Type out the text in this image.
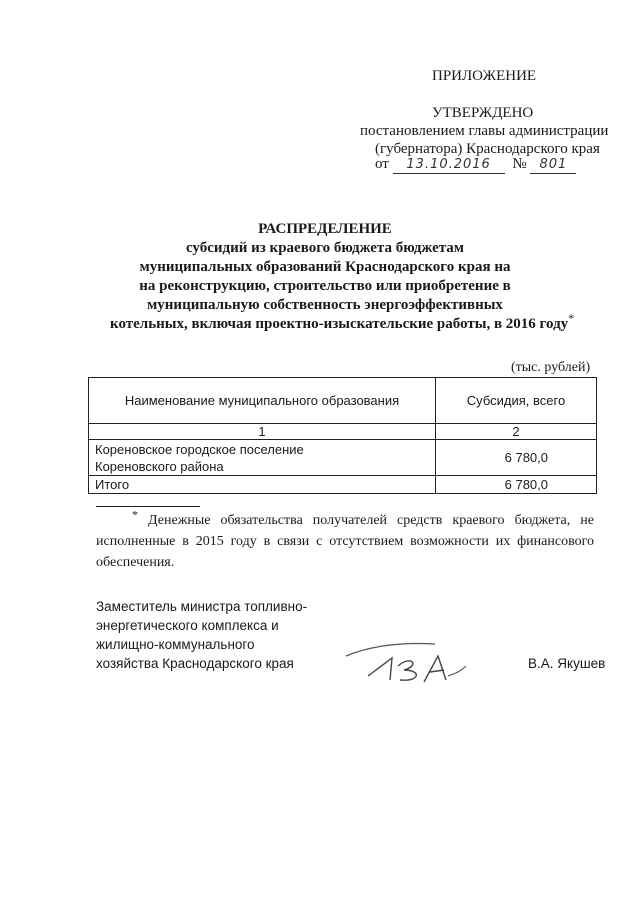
ПРИЛОЖЕНИЕ
УТВЕРЖДЕНО
постановлением главы администрации
(губернатора) Краснодарского края
от 13.10.2016 № 801
РАСПРЕДЕЛЕНИЕ
субсидий из краевого бюджета бюджетам
муниципальных образований Краснодарского края на
на реконструкцию, строительство или приобретение в
муниципальную собственность энергоэффективных
котельных, включая проектно-изыскательские работы, в 2016 году*
(тыс. рублей)
Наименование муниципального образования	Субсидия, всего
1	2

Кореновское городское поселение
Кореновского района	6 780,0
Итого	6 780,0
* Денежные обязательства получателей средств краевого бюджета, не
исполненные в 2015 году в связи с отсутствием возможности их финансового
обеспечения.
Заместитель министра топливно-
энергетического комплекса и
жилищно-коммунального
хозяйства Краснодарского края	В.А. Якушев
